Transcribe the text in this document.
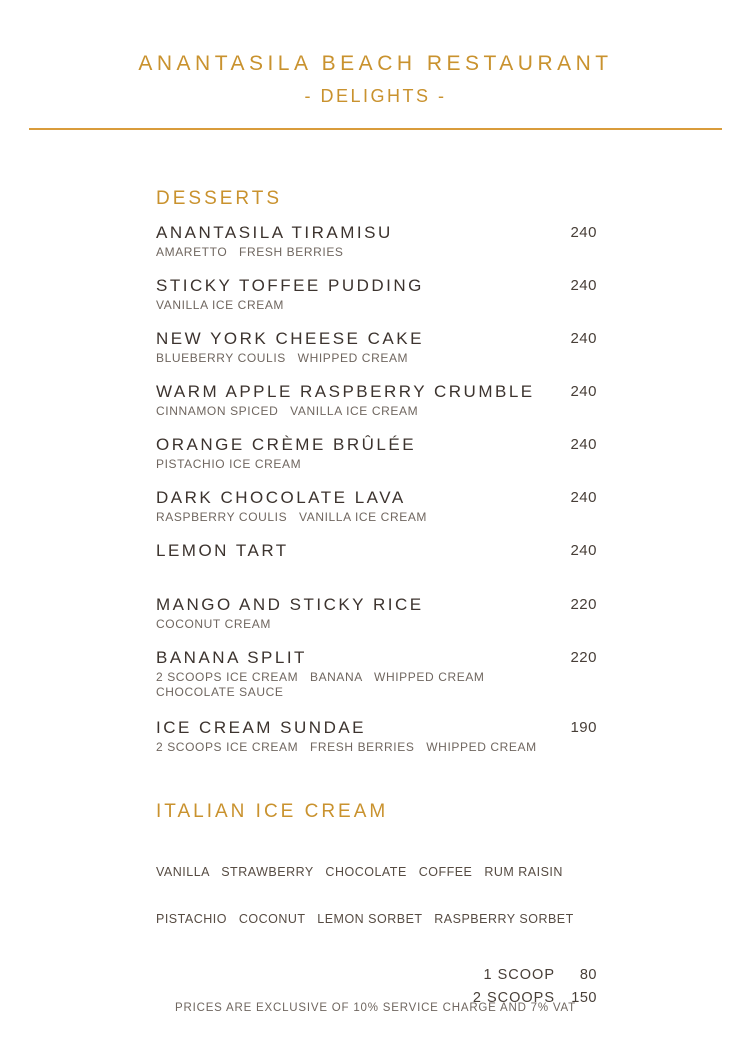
ANANTASILA BEACH RESTAURANT
- DELIGHTS -
DESSERTS
ANANTASILA TIRAMISU	240
AMARETTO   FRESH BERRIES
STICKY TOFFEE PUDDING	240
VANILLA ICE CREAM
NEW YORK CHEESE CAKE	240
BLUEBERRY COULIS   WHIPPED CREAM
WARM APPLE RASPBERRY CRUMBLE	240
CINNAMON SPICED   VANILLA ICE CREAM
ORANGE CRÈME BRÛLÉE	240
PISTACHIO ICE CREAM
DARK CHOCOLATE LAVA	240
RASPBERRY COULIS   VANILLA ICE CREAM
LEMON TART	240
MANGO AND STICKY RICE	220
COCONUT CREAM
BANANA SPLIT	220
2 SCOOPS ICE CREAM   BANANA   WHIPPED CREAM
CHOCOLATE SAUCE
ICE CREAM SUNDAE	190
2 SCOOPS ICE CREAM   FRESH BERRIES   WHIPPED CREAM
ITALIAN ICE CREAM

VANILLA   STRAWBERRY   CHOCOLATE   COFFEE   RUM RAISIN

PISTACHIO   COCONUT   LEMON SORBET   RASPBERRY SORBET

1 SCOOP	80
2 SCOOPS	150
PRICES ARE EXCLUSIVE OF 10% SERVICE CHARGE AND 7% VAT
